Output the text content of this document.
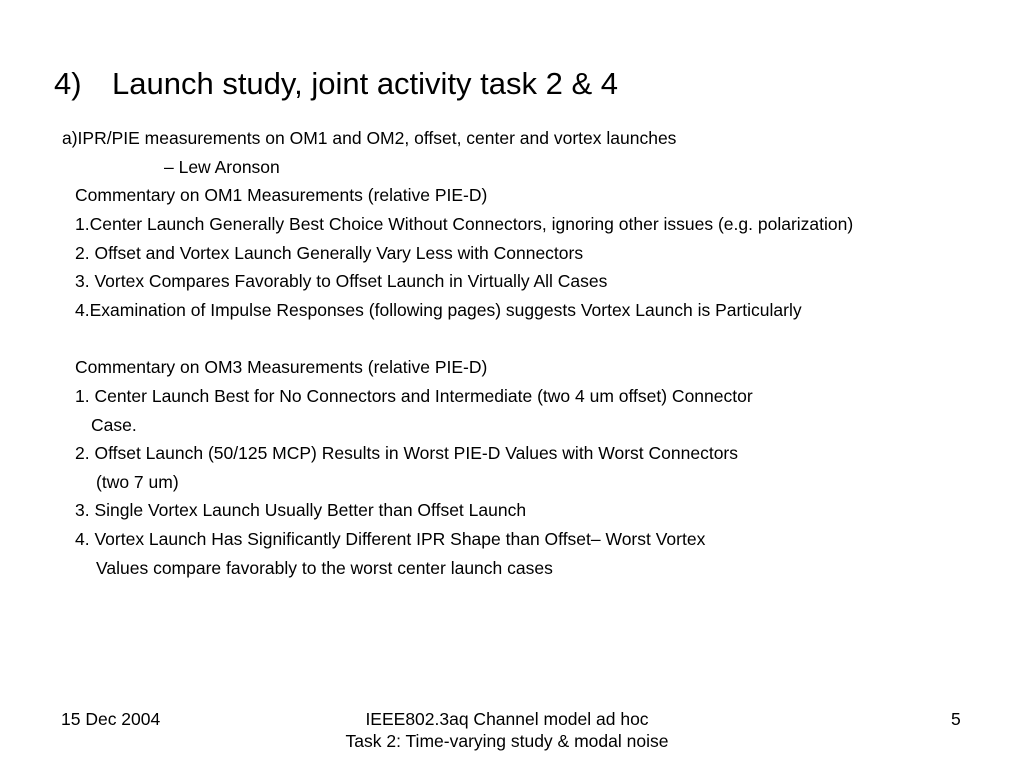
4) Launch study, joint activity task 2 & 4
a)IPR/PIE measurements on OM1 and OM2, offset, center and vortex launches
– Lew Aronson
Commentary on OM1 Measurements (relative PIE-D)
1.Center Launch Generally Best Choice Without Connectors, ignoring other issues (e.g. polarization)
2. Offset and Vortex Launch Generally Vary Less with Connectors
3. Vortex Compares Favorably to Offset Launch in Virtually All Cases
4.Examination of Impulse Responses (following pages) suggests Vortex Launch is Particularly
Commentary on OM3 Measurements (relative PIE-D)
1. Center Launch Best for No Connectors and Intermediate (two 4 um offset) Connector
Case.
2. Offset Launch (50/125 MCP) Results in Worst PIE-D Values with Worst Connectors
(two 7 um)
3. Single Vortex Launch Usually Better than Offset Launch
4. Vortex Launch Has Significantly Different IPR Shape than Offset– Worst Vortex
Values compare favorably to the worst center launch cases
15 Dec 2004	IEEE802.3aq Channel model ad hoc
Task 2: Time-varying study & modal noise
5
